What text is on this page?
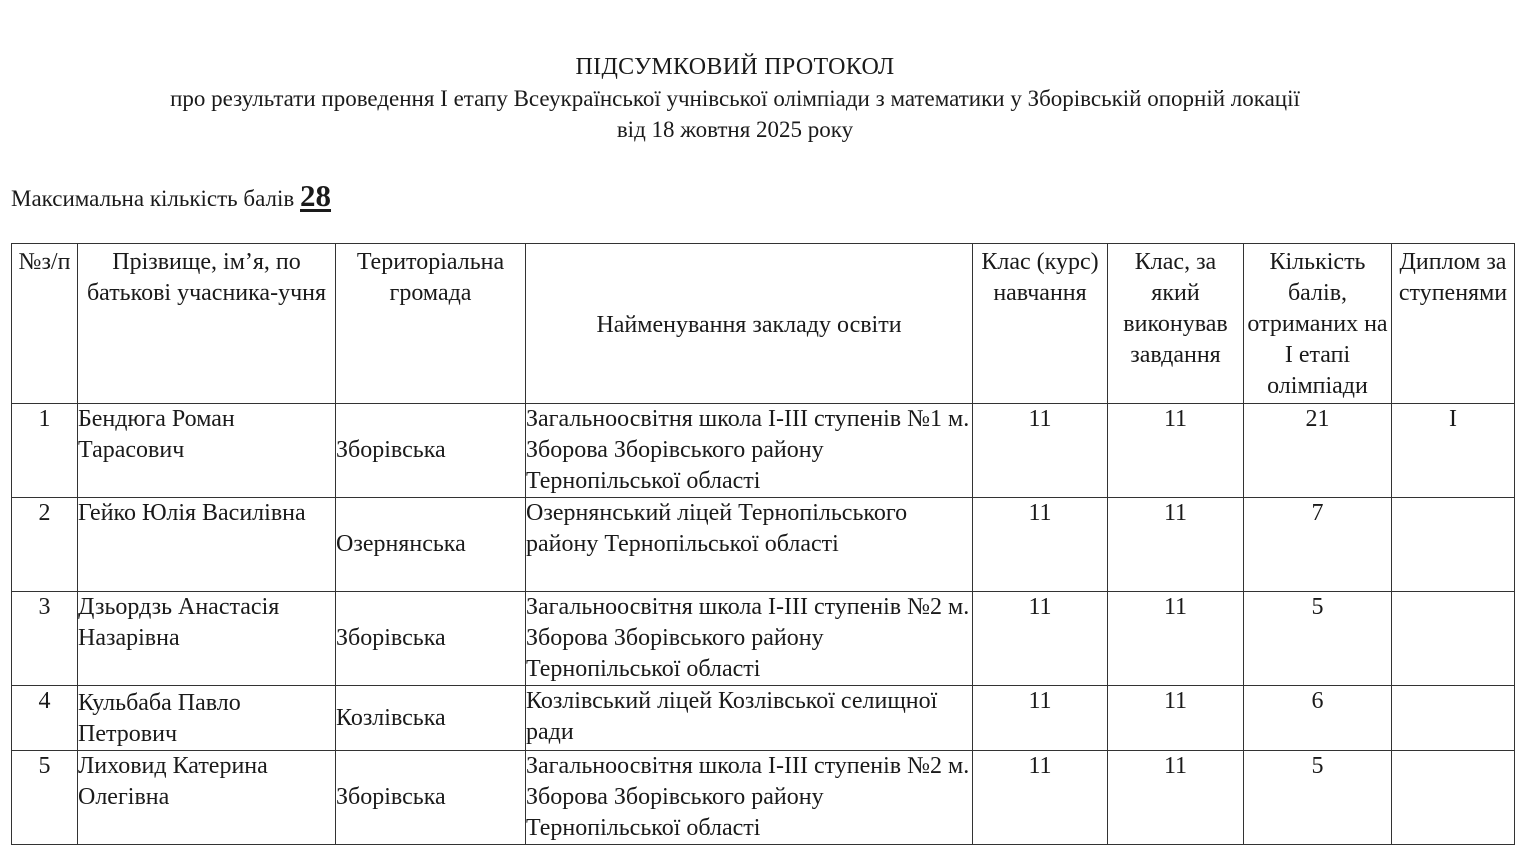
ПІДСУМКОВИЙ ПРОТОКОЛ
про результати проведення І етапу Всеукраїнської учнівської олімпіади з математики у Зборівській опорній локації
від 18 жовтня 2025 року
Максимальна кількість балів 28
№з/п	Прізвище, ім’я, по батькові учасника-учня	Територіальна громада	Найменування закладу освіти	Клас (курс) навчання	Клас, за який виконував завдання	Кількість балів, отриманих на І етапі олімпіади	Диплом за ступенями
1	Бендюга Роман Тарасович	Зборівська	Загальноосвітня школа І-ІІІ ступенів №1 м. Зборова Зборівського району Тернопільської області	11	11	21	І
2	Гейко Юлія Василівна	Озернянська	Озернянський ліцей Тернопільського району Тернопільської області	11	11	7	
3	Дзьордзь Анастасія Назарівна	Зборівська	Загальноосвітня школа І-ІІІ ступенів №2 м. Зборова Зборівського району Тернопільської області	11	11	5	
4	Кульбаба Павло Петрович	Козлівська	Козлівський ліцей Козлівської селищної ради	11	11	6	
5	Лиховид Катерина Олегівна	Зборівська	Загальноосвітня школа І-ІІІ ступенів №2 м. Зборова Зборівського району Тернопільської області	11	11	5	
